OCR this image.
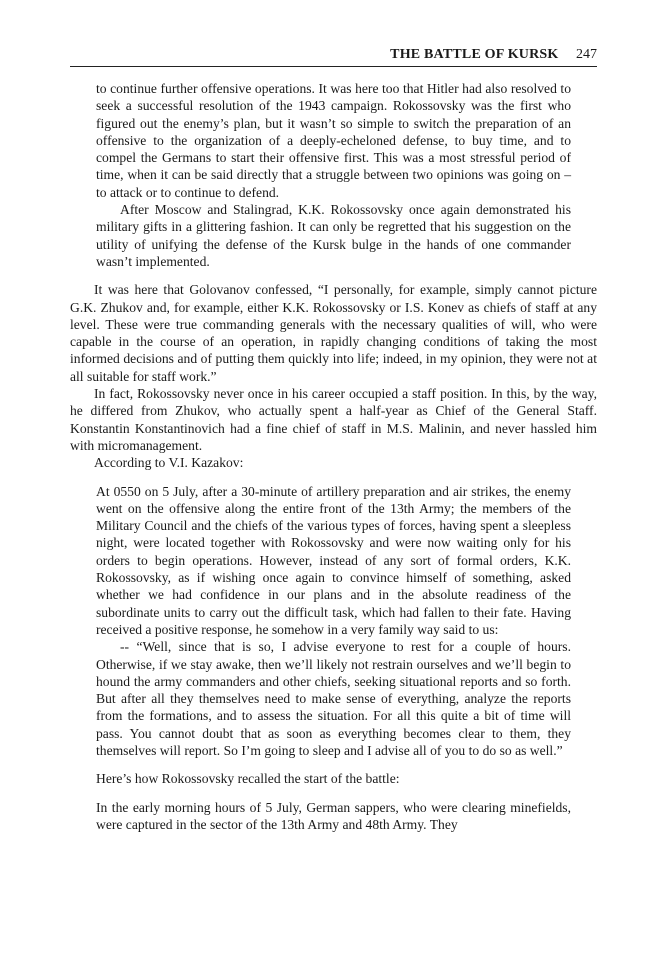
THE BATTLE OF KURSK 247

to continue further offensive operations. It was here too that Hitler had also resolved to seek a successful resolution of the 1943 campaign. Rokossovsky was the first who figured out the enemy’s plan, but it wasn’t so simple to switch the preparation of an offensive to the organization of a deeply-echeloned defense, to buy time, and to compel the Germans to start their offensive first. This was a most stressful period of time, when it can be said directly that a struggle between two opinions was going on – to attack or to continue to defend.

After Moscow and Stalingrad, K.K. Rokossovsky once again demonstrated his military gifts in a glittering fashion. It can only be regretted that his suggestion on the utility of unifying the defense of the Kursk bulge in the hands of one commander wasn’t implemented.

It was here that Golovanov confessed, “I personally, for example, simply cannot picture G.K. Zhukov and, for example, either K.K. Rokossovsky or I.S. Konev as chiefs of staff at any level. These were true commanding generals with the necessary qualities of will, who were capable in the course of an operation, in rapidly changing conditions of taking the most informed decisions and of putting them quickly into life; indeed, in my opinion, they were not at all suitable for staff work.”

In fact, Rokossovsky never once in his career occupied a staff position. In this, by the way, he differed from Zhukov, who actually spent a half-year as Chief of the General Staff. Konstantin Konstantinovich had a fine chief of staff in M.S. Malinin, and never hassled him with micromanagement.

According to V.I. Kazakov:

At 0550 on 5 July, after a 30-minute of artillery preparation and air strikes, the enemy went on the offensive along the entire front of the 13th Army; the members of the Military Council and the chiefs of the various types of forces, having spent a sleepless night, were located together with Rokossovsky and were now waiting only for his orders to begin operations. However, instead of any sort of formal orders, K.K. Rokossovsky, as if wishing once again to convince himself of something, asked whether we had confidence in our plans and in the absolute readiness of the subordinate units to carry out the difficult task, which had fallen to their fate. Having received a positive response, he somehow in a very family way said to us:

-- “Well, since that is so, I advise everyone to rest for a couple of hours. Otherwise, if we stay awake, then we’ll likely not restrain ourselves and we’ll begin to hound the army commanders and other chiefs, seeking situational reports and so forth. But after all they themselves need to make sense of everything, analyze the reports from the formations, and to assess the situation. For all this quite a bit of time will pass. You cannot doubt that as soon as everything becomes clear to them, they themselves will report. So I’m going to sleep and I advise all of you to do so as well.”

Here’s how Rokossovsky recalled the start of the battle:

In the early morning hours of 5 July, German sappers, who were clearing minefields, were captured in the sector of the 13th Army and 48th Army. They
